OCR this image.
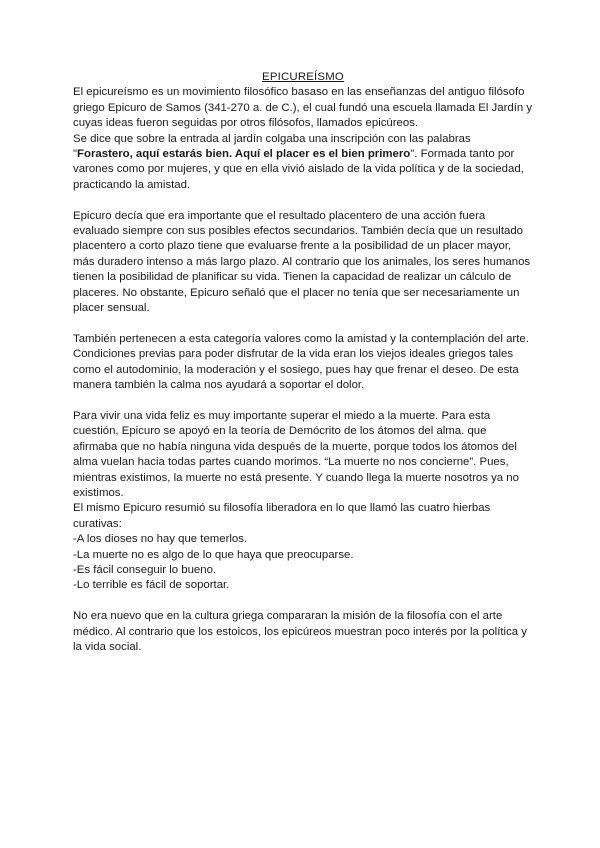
EPICUREÍSMO

El epicureísmo es un movimiento filosófico basaso en las enseñanzas del antiguo filósofo griego Epicuro de Samos (341-270 a. de C.), el cual fundó una escuela llamada El Jardín y cuyas ideas fueron seguidas por otros filósofos, llamados epicúreos.

Se dice que sobre la entrada al jardín colgaba una inscripción con las palabras "Forastero, aquí estarás bien. Aquí el placer es el bien primero". Formada tanto por varones como por mujeres, y que en ella vivió aislado de la vida política y de la sociedad, practicando la amistad.

Epicuro decía que era importante que el resultado placentero de una acción fuera evaluado siempre con sus posibles efectos secundarios. También decía que un resultado placentero a corto plazo tiene que evaluarse frente a la posibilidad de un placer mayor, más duradero intenso a más largo plazo. Al contrario que los animales, los seres humanos tienen la posibilidad de planificar su vida. Tienen la capacidad de realizar un cálculo de placeres. No obstante, Epicuro señaló que el placer no tenía que ser necesariamente un placer sensual.

También pertenecen a esta categoría valores como la amistad y la contemplación del arte. Condiciones previas para poder disfrutar de la vida eran los viejos ideales griegos tales como el autodominio, la moderación y el sosiego, pues hay que frenar el deseo. De esta manera también la calma nos ayudará a soportar el dolor.

Para vivir una vida feliz es muy importante superar el miedo a la muerte. Para esta cuestión, Epicuro se apoyó en la teoría de Demócrito de los átomos del alma. que afirmaba que no había ninguna vida después de la muerte, porque todos los átomos del alma vuelan hacia todas partes cuando morimos. “La muerte no nos concierne”. Pues, mientras existimos, la muerte no está presente. Y cuando llega la muerte nosotros ya no existimos.

El mismo Epicuro resumió su filosofía liberadora en lo que llamó las cuatro hierbas curativas:

-A los dioses no hay que temerlos.

-La muerte no es algo de lo que haya que preocuparse.

-Es fácil conseguir lo bueno.

-Lo terrible es fácil de soportar.

No era nuevo que en la cultura griega compararan la misión de la filosofía con el arte médico. Al contrario que los estoicos, los epicúreos muestran poco interés por la política y la vida social.
